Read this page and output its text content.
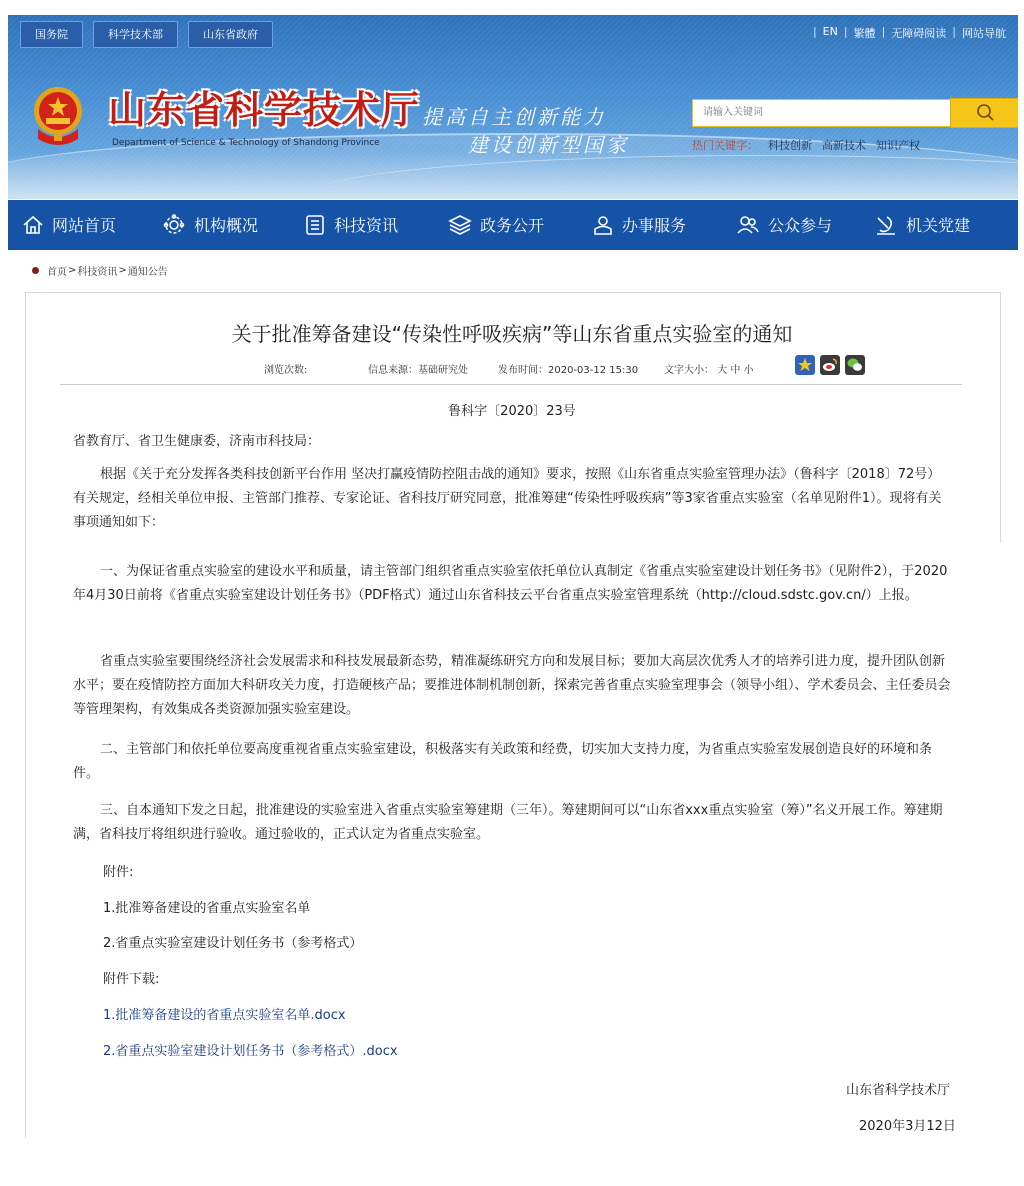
国务院	科学技术部	山东省政府	| EN | 繁體 | 无障碍阅读 | 网站导航
山东省科学技术厅
Department of Science & Technology of Shandong Province
提高自主创新能力
建设创新型国家
请输入关键词	热门关键字： 科技创新 高新技术 知识产权
网站首页	机构概况	科技资讯	政务公开	办事服务	公众参与	机关党建
首页 > 科技资讯 > 通知公告
关于批准筹备建设“传染性呼吸疾病”等山东省重点实验室的通知
浏览次数:	信息来源：基础研究处	发布时间：2020-03-12 15:30	文字大小： 大 中 小
鲁科字〔2020〕23号
省教育厅、省卫生健康委，济南市科技局：
根据《关于充分发挥各类科技创新平台作用 坚决打赢疫情防控阻击战的通知》要求，按照《山东省重点实验室管理办法》（鲁科字〔2018〕72号）有关规定，经相关单位申报、主管部门推荐、专家论证、省科技厅研究同意，批准筹建“传染性呼吸疾病”等3家省重点实验室（名单见附件1）。现将有关事项通知如下：
一、为保证省重点实验室的建设水平和质量，请主管部门组织省重点实验室依托单位认真制定《省重点实验室建设计划任务书》（见附件2），于2020年4月30日前将《省重点实验室建设计划任务书》（PDF格式）通过山东省科技云平台省重点实验室管理系统（http://cloud.sdstc.gov.cn/）上报。
省重点实验室要围绕经济社会发展需求和科技发展最新态势，精准凝练研究方向和发展目标；要加大高层次优秀人才的培养引进力度，提升团队创新水平；要在疫情防控方面加大科研攻关力度，打造硬核产品；要推进体制机制创新，探索完善省重点实验室理事会（领导小组）、学术委员会、主任委员会等管理架构，有效集成各类资源加强实验室建设。
二、主管部门和依托单位要高度重视省重点实验室建设，积极落实有关政策和经费，切实加大支持力度，为省重点实验室发展创造良好的环境和条件。
三、自本通知下发之日起，批准建设的实验室进入省重点实验室筹建期（三年）。筹建期间可以“山东省xxx重点实验室（筹）”名义开展工作。筹建期满，省科技厅将组织进行验收。通过验收的，正式认定为省重点实验室。
附件:
1.批准筹备建设的省重点实验室名单
2.省重点实验室建设计划任务书（参考格式）
附件下载:
1.批准筹备建设的省重点实验室名单.docx
2.省重点实验室建设计划任务书（参考格式）.docx
山东省科学技术厅
2020年3月12日
